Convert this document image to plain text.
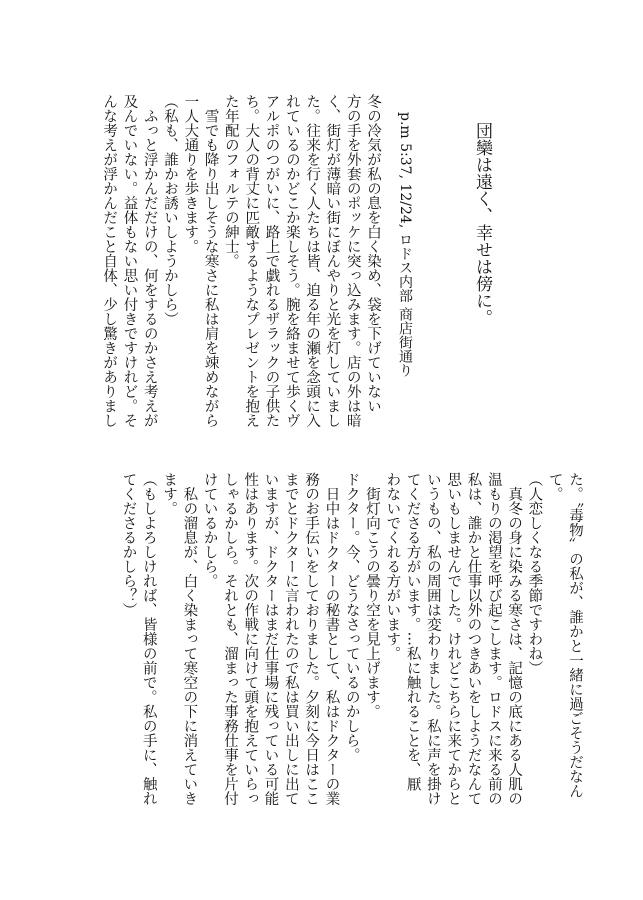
団欒は遠く、幸せは傍に。
p.m 5:37, 12/24, ロドス内部 商店街通り
冬の冷気が私の息を白く染め、袋を下げていない
方の手を外套のポッケに突っ込みます。店の外は暗
く、街灯が薄暗い街にぼんやりと光を灯していまし
た。往来を行く人たちは皆、迫る年の瀬を念頭に入
れているのかどこか楽しそう。腕を絡ませて歩くヴ
アルポのつがいに、路上で戯れるザラックの子供た
ち。大人の背丈に匹敵するようなプレゼントを抱え
た年配のフォルテの紳士。
　雪でも降り出しそうな寒さに私は肩を竦めながら
一人大通りを歩きます。
（私も、誰かお誘いしようかしら）
　ふっと浮かんだだけの、何をするのかさえ考えが
及んでいない。益体もない思い付きですけれど。そ
んな考えが浮かんだこと自体、少し驚きがありまし
た。〝毒物〟の私が、誰かと一緒に過ごそうだなん
て。
（人恋しくなる季節ですわね）
　真冬の身に染みる寒さは、記憶の底にある人肌の
温もりの渇望を呼び起こします。ロドスに来る前の
私は、誰かと仕事以外のつきあいをしようだなんて
思いもしませんでした。けれどこちらに来てからと
いうもの、私の周囲は変わりました。私に声を掛け
てくださる方がいます。…私に触れることを、厭
わないでくれる方がいます。
　街灯向こうの曇り空を見上げます。
ドクター。今、どうなさっているのかしら。
　日中はドクターの秘書として、私はドクターの業
務のお手伝いをしておりました。夕刻に今日はここ
までとドクターに言われたので私は買い出しに出て
いますが、ドクターはまだ仕事場に残っている可能
性はあります。次の作戦に向けて頭を抱えていらっ
しゃるかしら。それとも、溜まった事務仕事を片付
けているかしら。
　私の溜息が、白く染まって寒空の下に消えていき
ます。
（もしよろしければ、皆様の前で。私の手に、触れ
てくださるかしら？）
